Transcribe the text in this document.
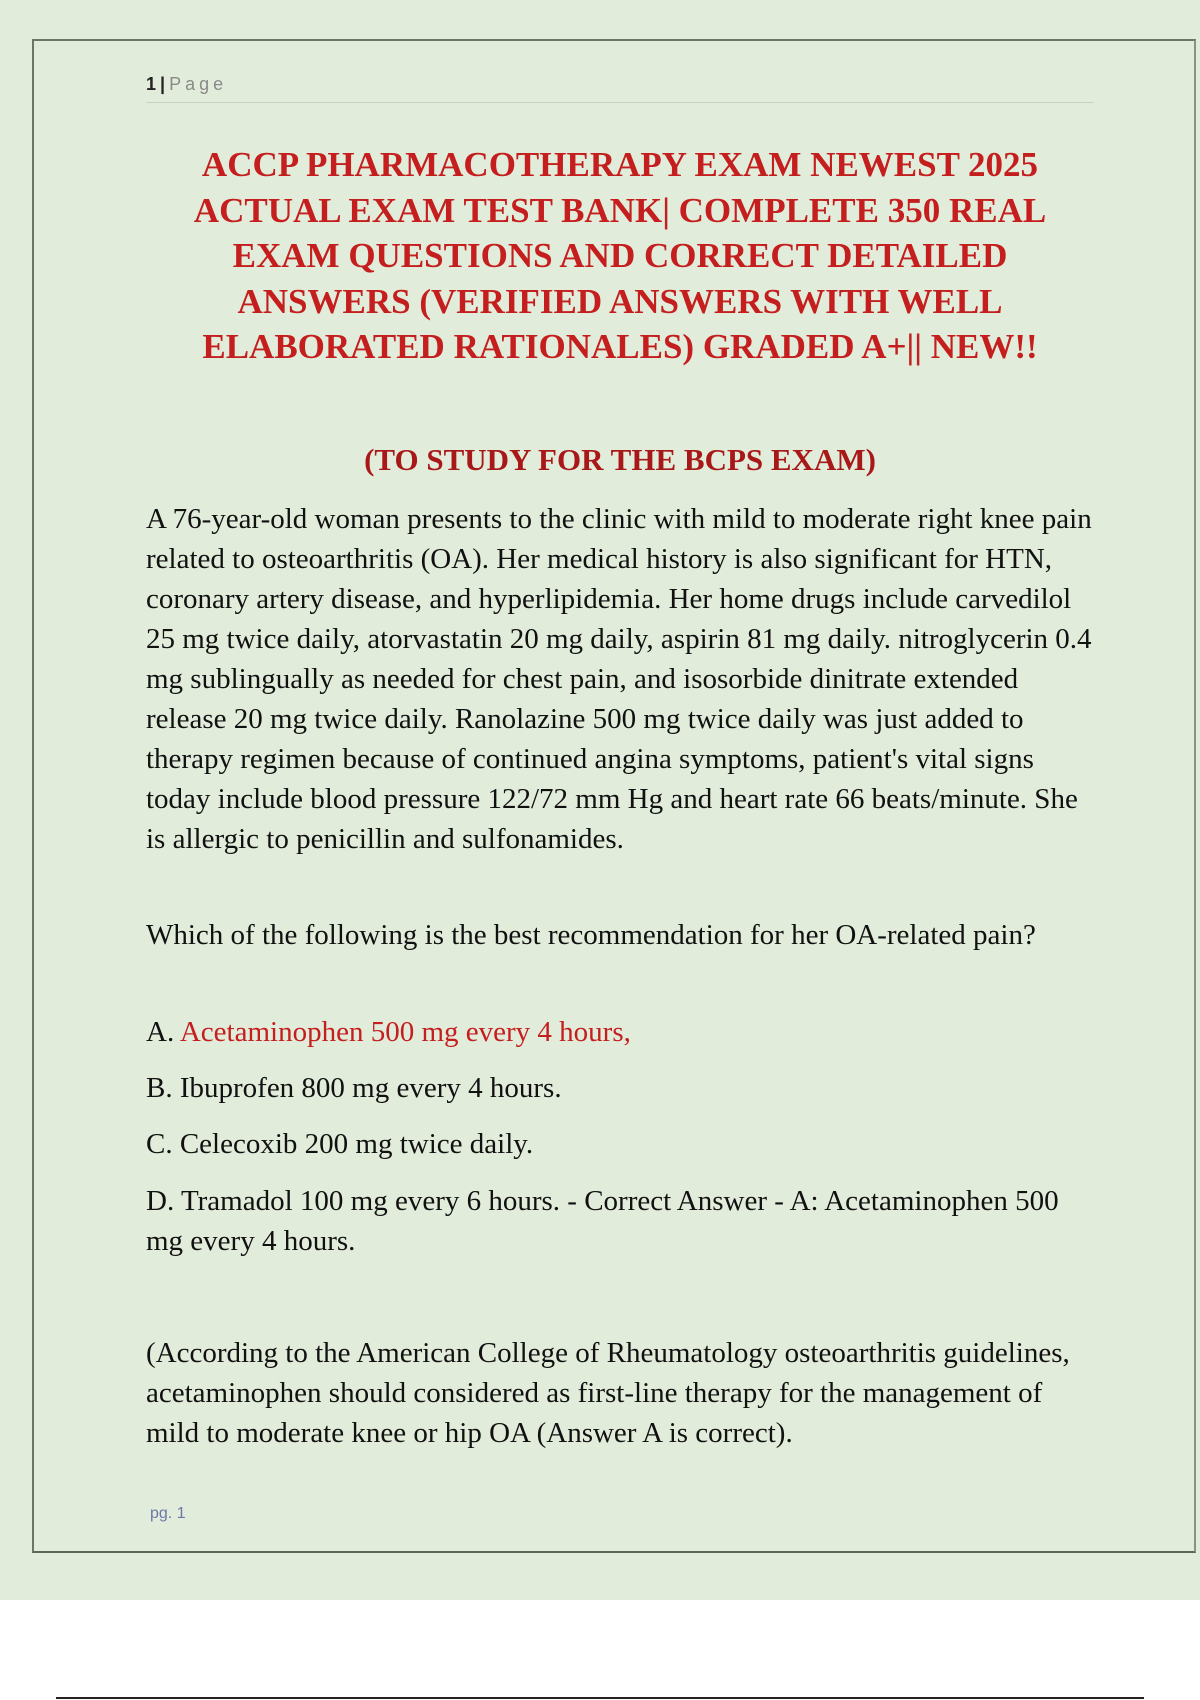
1 | Page
ACCP PHARMACOTHERAPY EXAM NEWEST 2025 ACTUAL EXAM TEST BANK| COMPLETE 350 REAL EXAM QUESTIONS AND CORRECT DETAILED ANSWERS (VERIFIED ANSWERS WITH WELL ELABORATED RATIONALES) GRADED A+|| NEW!!
(TO STUDY FOR THE BCPS EXAM)

A 76-year-old woman presents to the clinic with mild to moderate right knee pain related to osteoarthritis (OA). Her medical history is also significant for HTN, coronary artery disease, and hyperlipidemia. Her home drugs include carvedilol 25 mg twice daily, atorvastatin 20 mg daily, aspirin 81 mg daily. nitroglycerin 0.4 mg sublingually as needed for chest pain, and isosorbide dinitrate extended release 20 mg twice daily. Ranolazine 500 mg twice daily was just added to therapy regimen because of continued angina symptoms, patient's vital signs today include blood pressure 122/72 mm Hg and heart rate 66 beats/minute. She is allergic to penicillin and sulfonamides.

Which of the following is the best recommendation for her OA-related pain?

A. Acetaminophen 500 mg every 4 hours,

B. Ibuprofen 800 mg every 4 hours.

C. Celecoxib 200 mg twice daily.

D. Tramadol 100 mg every 6 hours. - Correct Answer - A: Acetaminophen 500 mg every 4 hours.

(According to the American College of Rheumatology osteoarthritis guidelines, acetaminophen should considered as first-line therapy for the management of mild to moderate knee or hip OA (Answer A is correct).

pg. 1
